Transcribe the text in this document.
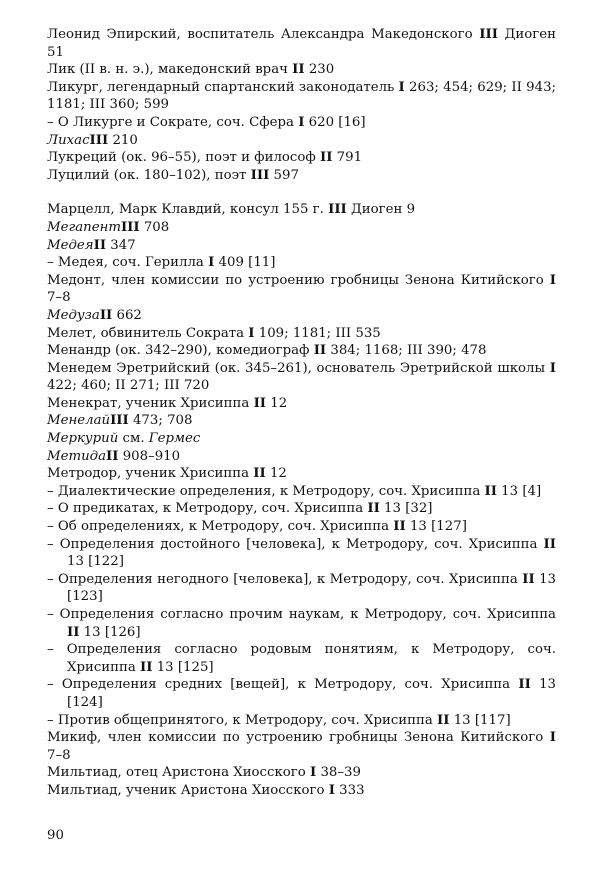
Леонид Эпирский, воспитатель Александра Македонского III Диоген 51
Лик (II в. н. э.), македонский врач II 230
Ликург, легендарный спартанский законодатель I 263; 454; 629; II 943; 1181; III 360; 599
– О Ликурге и Сократе, соч. Сфера I 620 [16]
ЛихасIII 210
Лукреций (ок. 96–55), поэт и философ II 791
Луцилий (ок. 180–102), поэт III 597
Марцелл, Марк Клавдий, консул 155 г. III Диоген 9
МегапентIII 708
МедеяII 347
– Медея, соч. Герилла I 409 [11]
Медонт, член комиссии по устроению гробницы Зенона Китийского I 7–8
МедузаII 662
Мелет, обвинитель Сократа I 109; 1181; III 535
Менандр (ок. 342–290), комедиограф II 384; 1168; III 390; 478
Менедем Эретрийский (ок. 345–261), основатель Эретрийской школы I 422; 460; II 271; III 720
Менекрат, ученик Хрисиппа II 12
МенелайIII 473; 708
Меркурий см. Гермес
МетидаII 908–910
Метродор, ученик Хрисиппа II 12
– Диалектические определения, к Метродору, соч. Хрисиппа II 13 [4]
– О предикатах, к Метродору, соч. Хрисиппа II 13 [32]
– Об определениях, к Метродору, соч. Хрисиппа II 13 [127]
– Определения достойного [человека], к Метродору, соч. Хрисиппа II 13 [122]
– Определения негодного [человека], к Метродору, соч. Хрисиппа II 13 [123]
– Определения согласно прочим наукам, к Метродору, соч. Хрисиппа II 13 [126]
– Определения согласно родовым понятиям, к Метродору, соч. Хрисиппа II 13 [125]
– Определения средних [вещей], к Метродору, соч. Хрисиппа II 13 [124]
– Против общепринятого, к Метродору, соч. Хрисиппа II 13 [117]
Микиф, член комиссии по устроению гробницы Зенона Китийского I 7–8
Мильтиад, отец Аристона Хиосского I 38–39
Мильтиад, ученик Аристона Хиосского I 333
90
